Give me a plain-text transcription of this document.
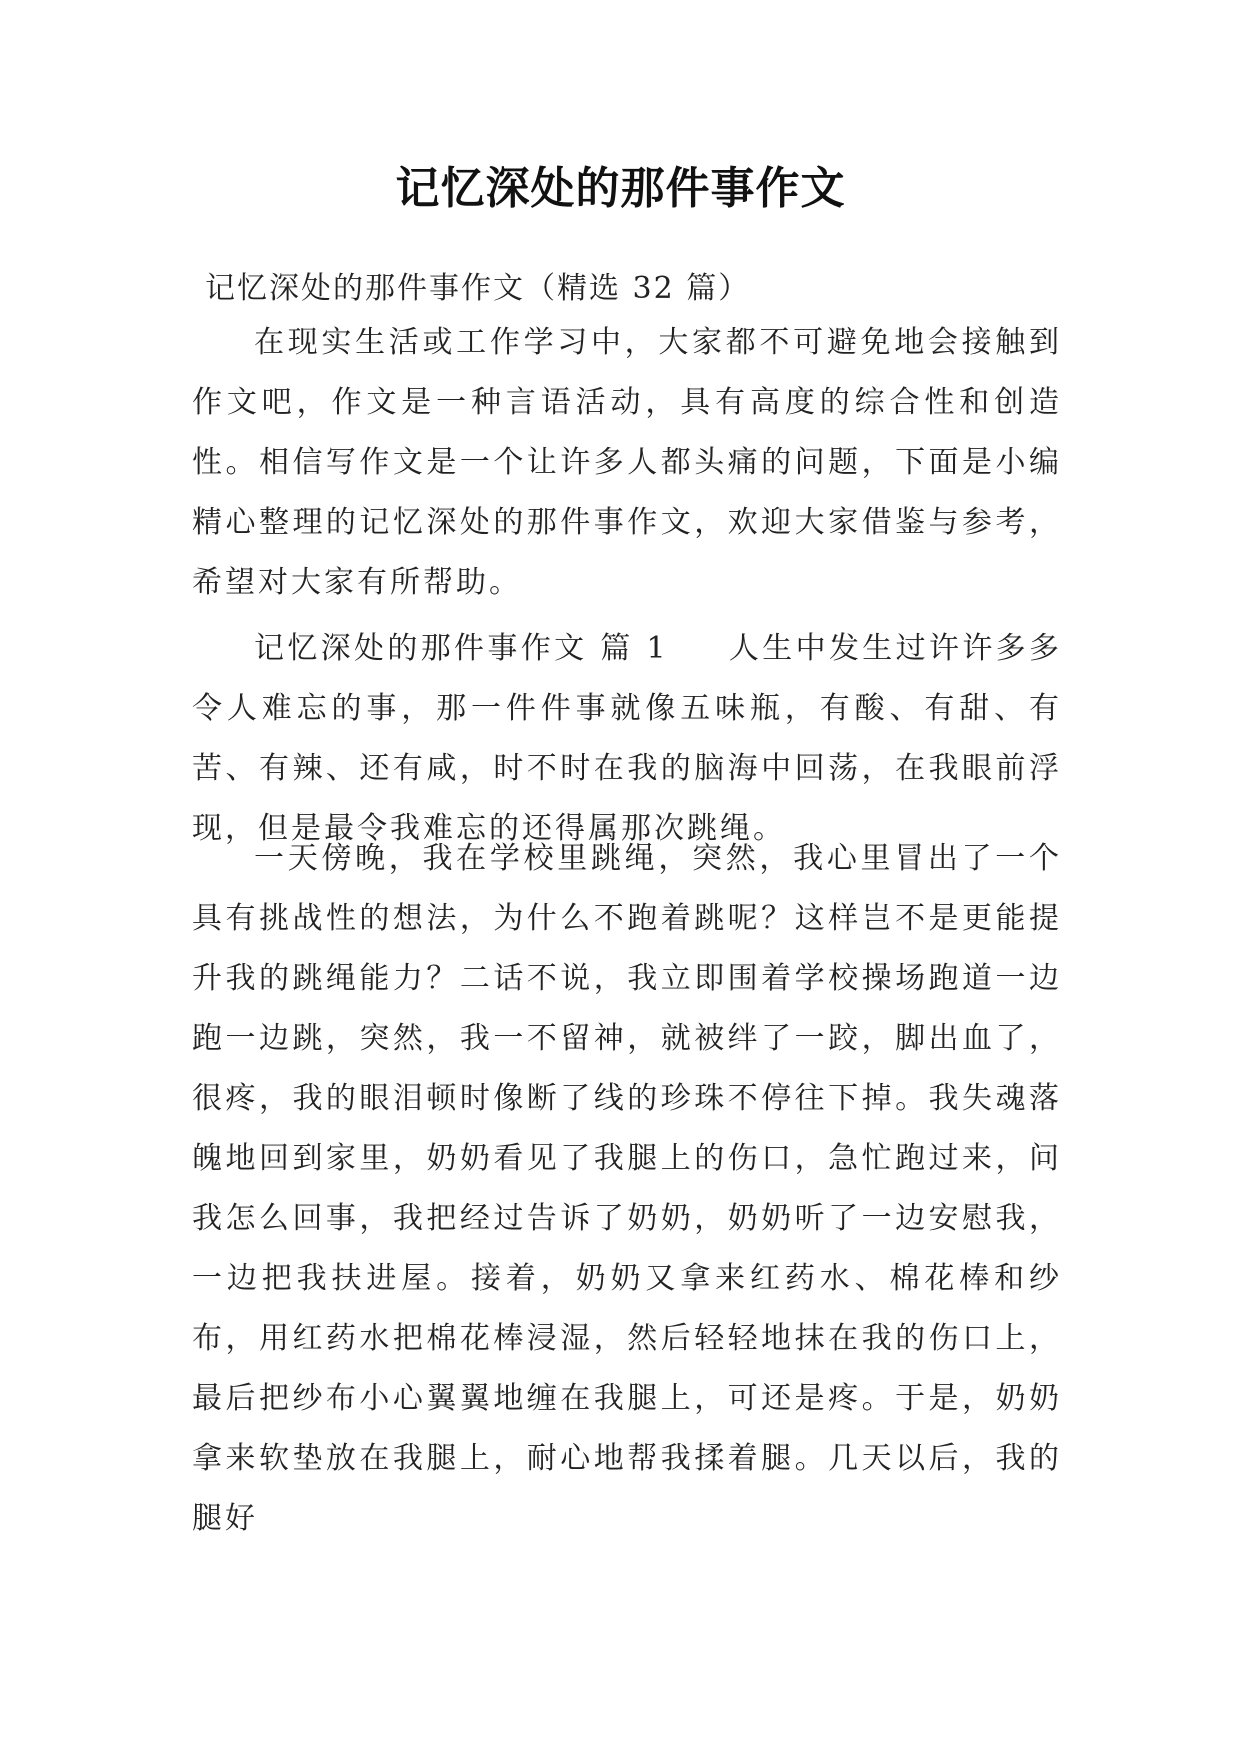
记忆深处的那件事作文
记忆深处的那件事作文（精选 32 篇）
在现实生活或工作学习中，大家都不可避免地会接触到作文吧，作文是一种言语活动，具有高度的综合性和创造性。相信写作文是一个让许多人都头痛的问题，下面是小编精心整理的记忆深处的那件事作文，欢迎大家借鉴与参考，希望对大家有所帮助。
记忆深处的那件事作文 篇 1 人生中发生过许许多多令人难忘的事，那一件件事就像五味瓶，有酸、有甜、有苦、有辣、还有咸，时不时在我的脑海中回荡，在我眼前浮现，但是最令我难忘的还得属那次跳绳。
一天傍晚，我在学校里跳绳，突然，我心里冒出了一个具有挑战性的想法，为什么不跑着跳呢？这样岂不是更能提升我的跳绳能力？二话不说，我立即围着学校操场跑道一边跑一边跳，突然，我一不留神，就被绊了一跤，脚出血了，很疼，我的眼泪顿时像断了线的珍珠不停往下掉。我失魂落魄地回到家里，奶奶看见了我腿上的伤口，急忙跑过来，问我怎么回事，我把经过告诉了奶奶，奶奶听了一边安慰我，一边把我扶进屋。接着，奶奶又拿来红药水、棉花棒和纱布，用红药水把棉花棒浸湿，然后轻轻地抹在我的伤口上，最后把纱布小心翼翼地缠在我腿上，可还是疼。于是，奶奶拿来软垫放在我腿上，耐心地帮我揉着腿。几天以后，我的腿好
